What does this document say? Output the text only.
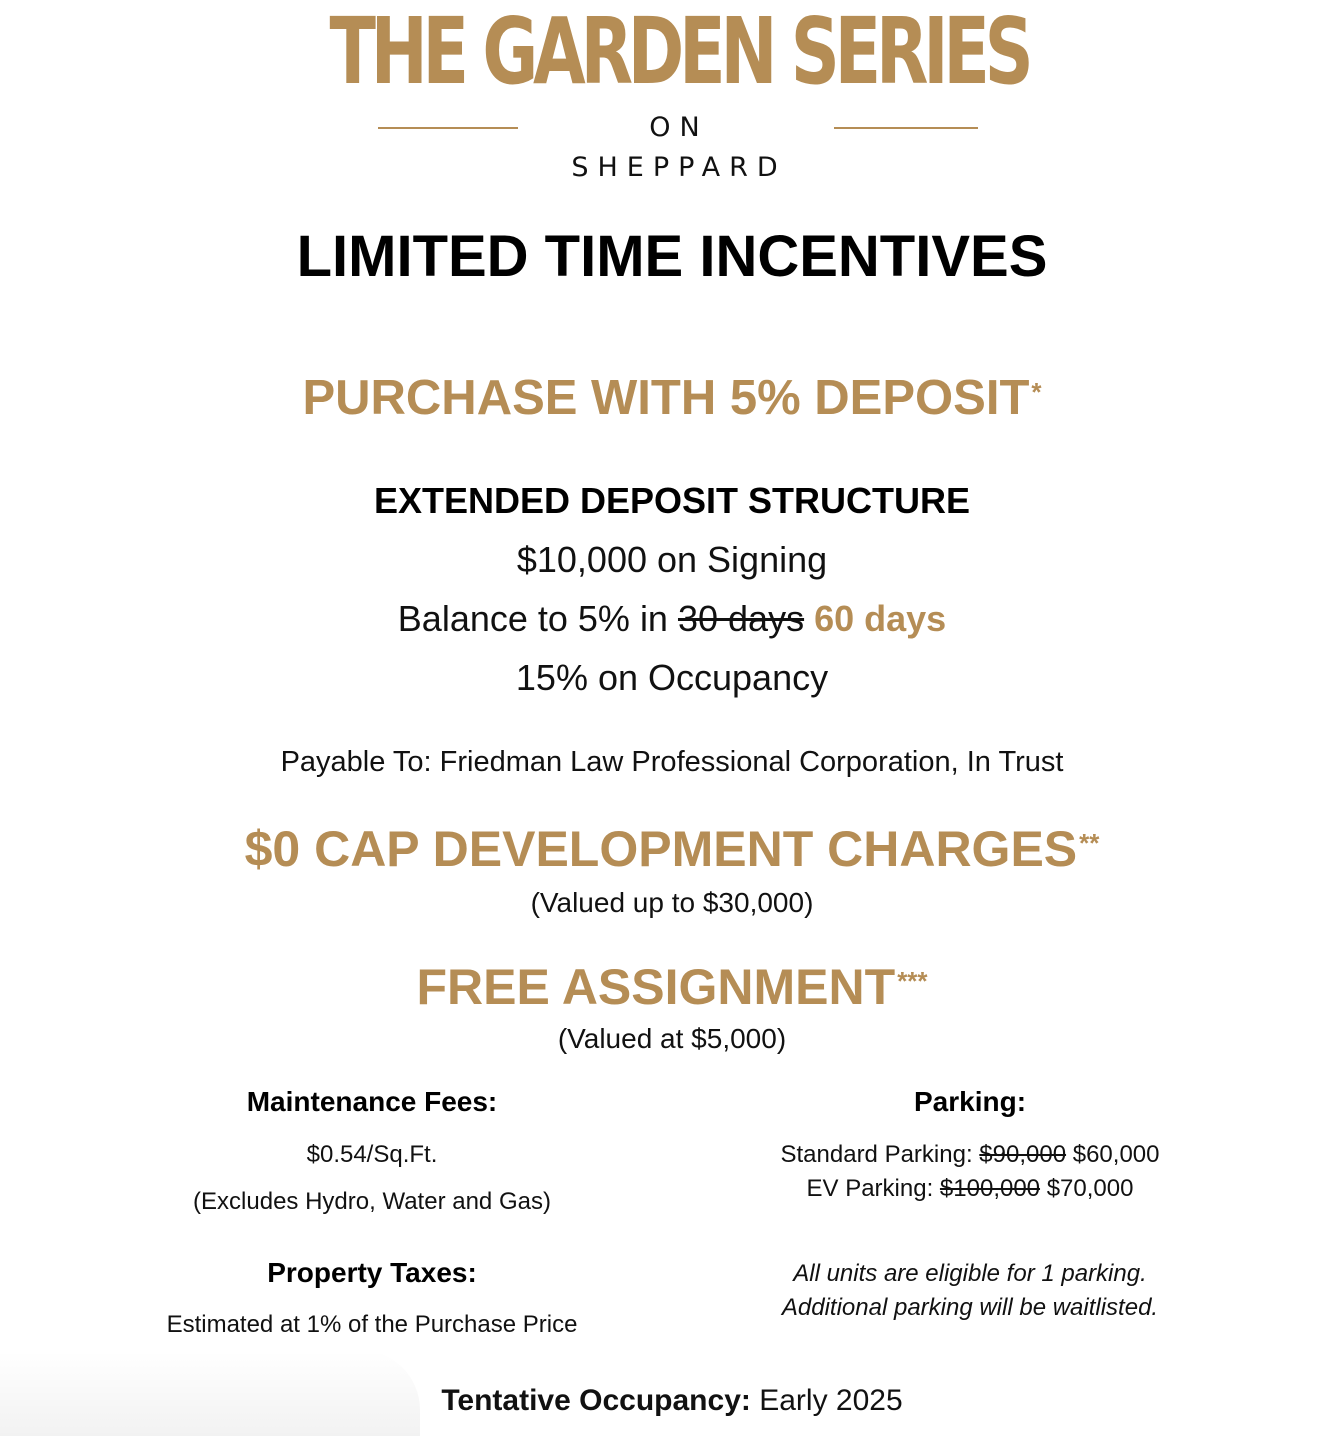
THE GARDEN SERIES
ON SHEPPARD
LIMITED TIME INCENTIVES
PURCHASE WITH 5% DEPOSIT*
EXTENDED DEPOSIT STRUCTURE
$10,000 on Signing
Balance to 5% in 30 days 60 days
15% on Occupancy
Payable To: Friedman Law Professional Corporation, In Trust
$0 CAP DEVELOPMENT CHARGES**
(Valued up to $30,000)
FREE ASSIGNMENT***
(Valued at $5,000)
Maintenance Fees:
$0.54/Sq.Ft.
(Excludes Hydro, Water and Gas)
Property Taxes:
Estimated at 1% of the Purchase Price
Parking:
Standard Parking: $90,000 $60,000
EV Parking: $100,000 $70,000
All units are eligible for 1 parking.
Additional parking will be waitlisted.
Tentative Occupancy: Early 2025
